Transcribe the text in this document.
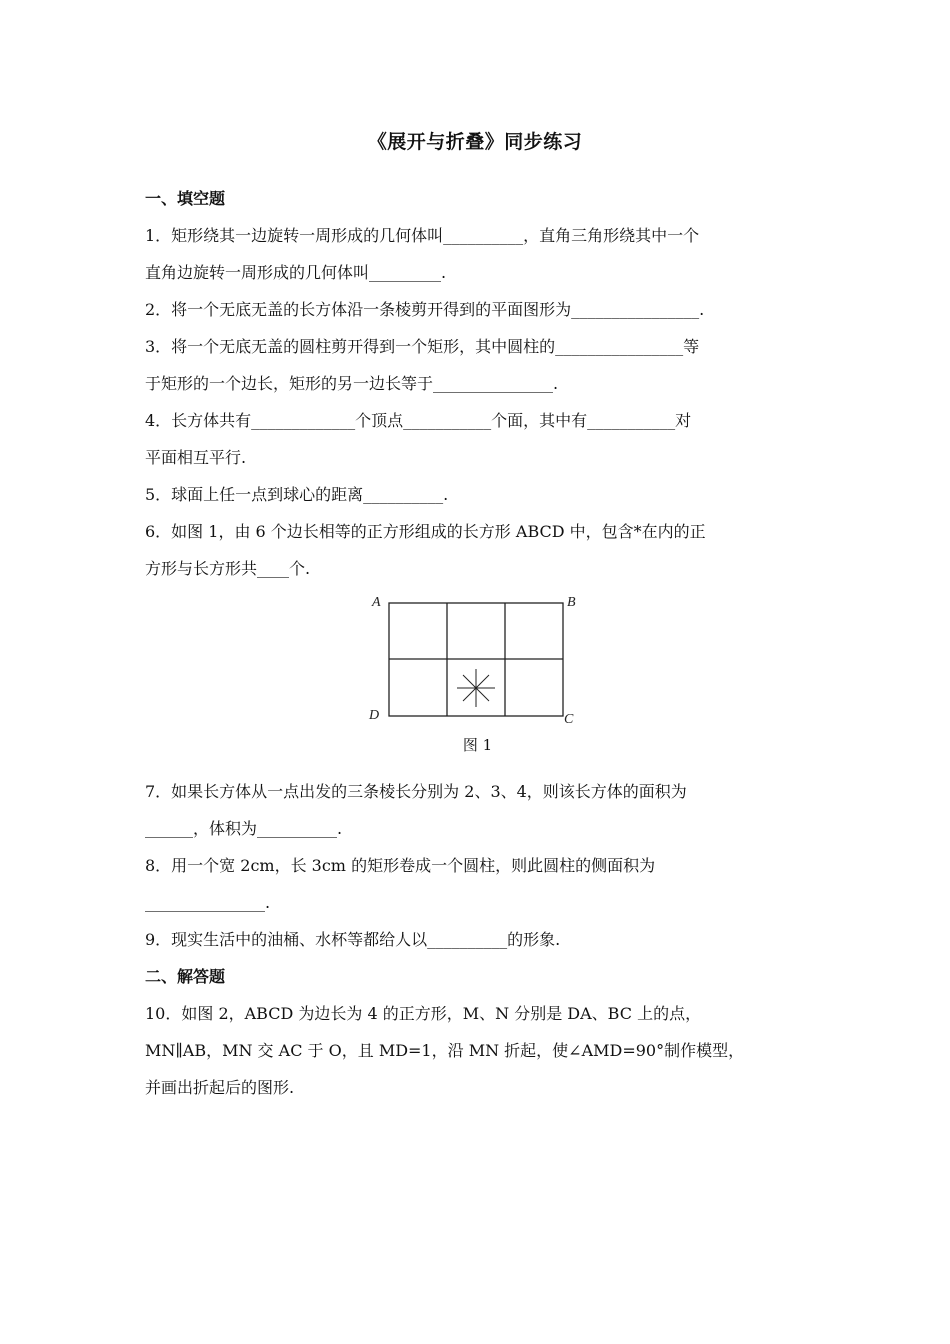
《展开与折叠》同步练习
一、填空题

1．矩形绕其一边旋转一周形成的几何体叫__________，直角三角形绕其中一个

直角边旋转一周形成的几何体叫_________.

2．将一个无底无盖的长方体沿一条棱剪开得到的平面图形为________________.

3．将一个无底无盖的圆柱剪开得到一个矩形，其中圆柱的________________等

于矩形的一个边长，矩形的另一边长等于_______________.

4．长方体共有_____________个顶点___________个面，其中有___________对

平面相互平行.

5．球面上任一点到球心的距离__________.

6．如图 1，由 6 个边长相等的正方形组成的长方形 ABCD 中，包含*在内的正

方形与长方形共____个.

A	B
D	C
图 1

7．如果长方体从一点出发的三条棱长分别为 2、3、4，则该长方体的面积为

______，体积为__________.

8．用一个宽 2cm，长 3cm 的矩形卷成一个圆柱，则此圆柱的侧面积为

_______________.

9．现实生活中的油桶、水杯等都给人以__________的形象.

二、解答题

10．如图 2，ABCD 为边长为 4 的正方形，M、N 分别是 DA、BC 上的点，

MN∥AB，MN 交 AC 于 O，且 MD=1，沿 MN 折起，使∠AMD=90°制作模型，

并画出折起后的图形.
